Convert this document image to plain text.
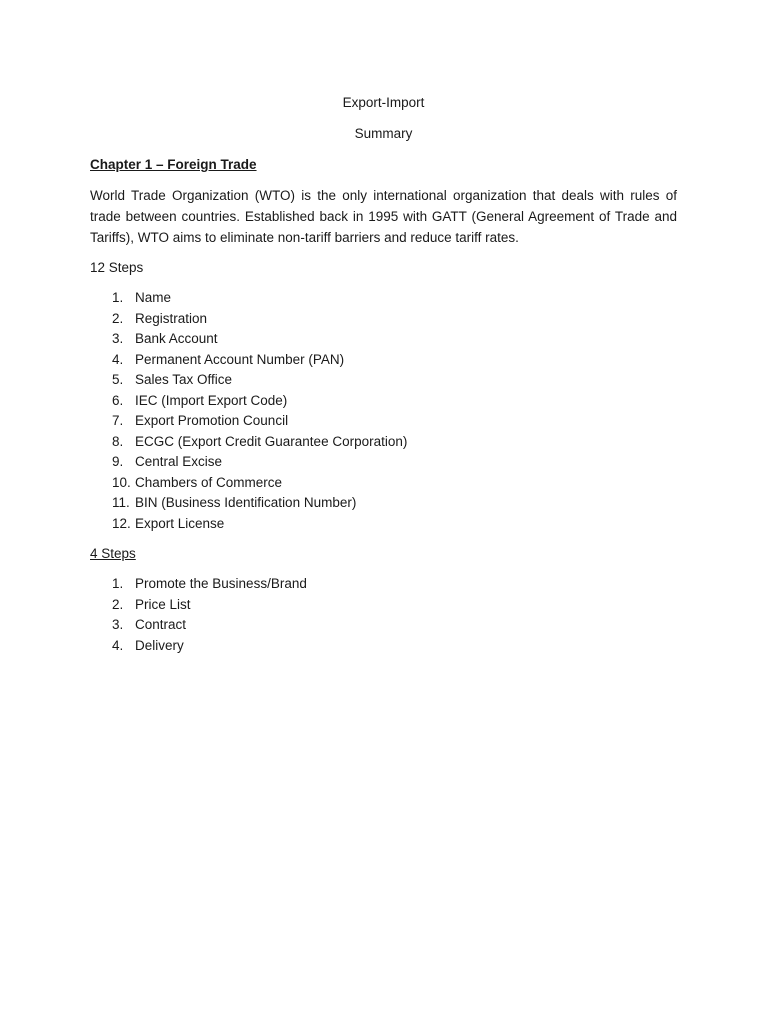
Export-Import

Summary

Chapter 1 – Foreign Trade

World Trade Organization (WTO) is the only international organization that deals with rules of trade between countries. Established back in 1995 with GATT (General Agreement of Trade and Tariffs), WTO aims to eliminate non-tariff barriers and reduce tariff rates.

12 Steps

1. Name
2. Registration
3. Bank Account
4. Permanent Account Number (PAN)
5. Sales Tax Office
6. IEC (Import Export Code)
7. Export Promotion Council
8. ECGC (Export Credit Guarantee Corporation)
9. Central Excise
10. Chambers of Commerce
11. BIN (Business Identification Number)
12. Export License

4 Steps

1. Promote the Business/Brand
2. Price List
3. Contract
4. Delivery
